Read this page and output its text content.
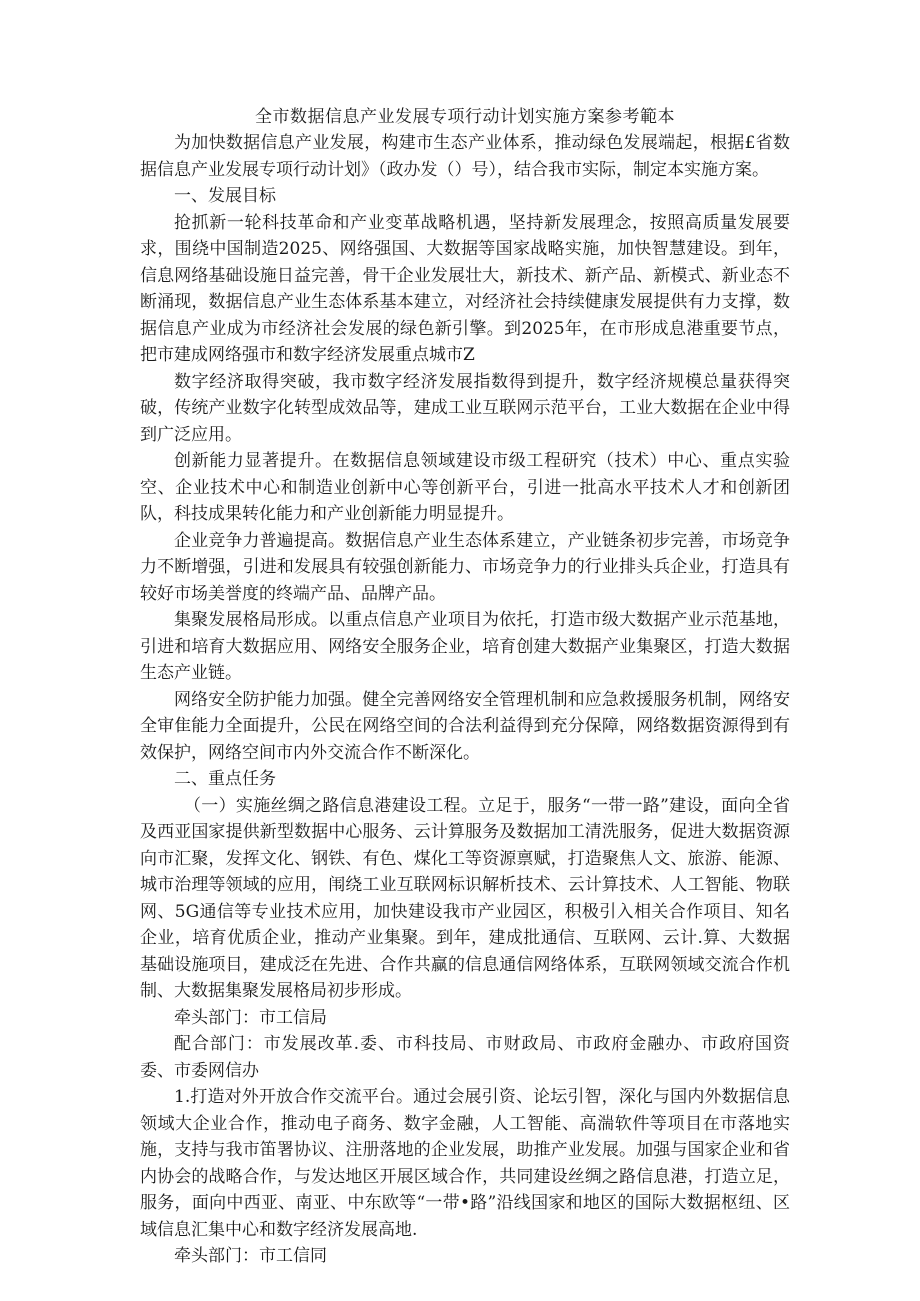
全市数据信息产业发展专项行动计划实施方案参考範本

为加快数据信息产业发展，构建市生态产业体系，推动绿色发展端起，根据£省数据信息产业发展专项行动计划》（政办发（）号），结合我市实际，制定本实施方案。

一、发展目标

抢抓新一轮科技革命和产业变革战略机遇，坚持新发展理念，按照高质量发展要求，围绕中国制造2025、网络强国、大数据等国家战略实施，加快智慧建设。到年，信息网络基础设施日益完善，骨干企业发展壮大，新技术、新产品、新模式、新业态不断涌现，数据信息产业生态体系基本建立，对经济社会持续健康发展提供有力支撑，数据信息产业成为市经济社会发展的绿色新引擎。到2025年，在市形成息港重要节点，把市建成网络强市和数字经济发展重点城市Z

数字经济取得突破，我市数字经济发展指数得到提升，数字经济规模总量获得突破，传统产业数字化转型成效品等，建成工业互联网示范平台，工业大数据在企业中得到广泛应用。

创新能力显著提升。在数据信息领域建设市级工程研究（技术）中心、重点实验空、企业技术中心和制造业创新中心等创新平台，引进一批高水平技术人才和创新团队，科技成果转化能力和产业创新能力明显提升。

企业竞争力普遍提高。数据信息产业生态体系建立，产业链条初步完善，市场竞争力不断增强，引进和发展具有较强创新能力、市场竞争力的行业排头兵企业，打造具有较好市场美誉度的终端产品、品牌产品。

集聚发展格局形成。以重点信息产业项目为依托，打造市级大数据产业示范基地，引进和培育大数据应用、网络安全服务企业，培育创建大数据产业集聚区，打造大数据生态产业链。

网络安全防护能力加强。健全完善网络安全管理机制和应急救援服务机制，网络安全审隹能力全面提升，公民在网络空间的合法利益得到充分保障，网络数据资源得到有效保护，网络空间市内外交流合作不断深化。

二、重点任务

（一）实施丝绸之路信息港建设工程。立足于，服务“一带一路”建设，面向全省及西亚国家提供新型数据中心服务、云计算服务及数据加工清洗服务，促进大数据资源向市汇聚，发挥文化、钢铁、有色、煤化工等资源禀赋，打造聚焦人文、旅游、能源、城市治理等领域的应用，闱绕工业互联网标识解析技术、云计算技术、人工智能、物联网、5G通信等专业技术应用，加快建设我市产业园区，积极引入相关合作项目、知名企业，培育优质企业，推动产业集聚。到年，建成批通信、互联网、云计.算、大数据基础设施项目，建成泛在先进、合作共赢的信息通信网络体系，互联网领域交流合作机制、大数据集聚发展格局初步形成。

牵头部门：市工信局

配合部门：市发展改革.委、市科技局、市财政局、市政府金融办、市政府国资委、市委网信办

1.打造对外开放合作交流平台。通过会展引资、论坛引智，深化与国内外数据信息领域大企业合作，推动电子商务、数字金融，人工智能、高湍软件等项目在市落地实施，支持与我市笛署协议、注册落地的企业发展，助推产业发展。加强与国家企业和省内协会的战略合作，与发达地区开展区域合作，共同建设丝绸之路信息港，打造立足，服务，面向中西亚、南亚、中东欧等“一带•路”沿线国家和地区的国际大数据枢纽、区域信息汇集中心和数字经济发展高地.

牵头部门：市工信同
